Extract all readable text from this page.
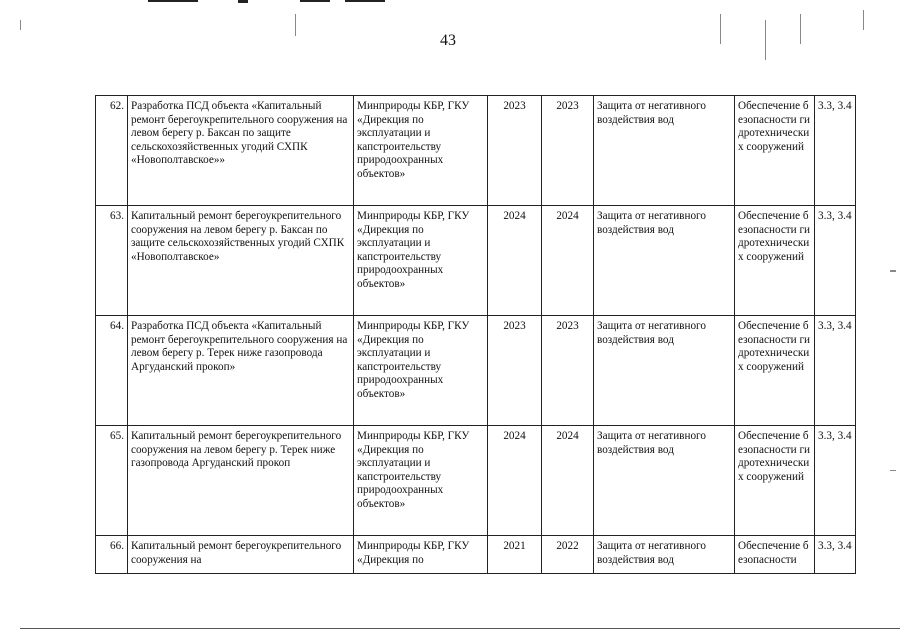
43
62.	Разработка ПСД объекта «Капитальный ремонт берегоукрепительного сооружения на левом берегу р. Баксан по защите сельскохозяйственных угодий СХПК «Новополтавское»»	Минприроды КБР, ГКУ «Дирекция по эксплуатации и капстроительству природоохранных объектов»	2023	2023	Защита от негативного воздействия вод	Обеспечение безопасности гидротехнических сооружений	3.3, 3.4
63.	Капитальный ремонт берегоукрепительного сооружения на левом берегу р. Баксан по защите сельскохозяйственных угодий СХПК «Новополтавское»	Минприроды КБР, ГКУ «Дирекция по эксплуатации и капстроительству природоохранных объектов»	2024	2024	Защита от негативного воздействия вод	Обеспечение безопасности гидротехнических сооружений	3.3, 3.4
64.	Разработка ПСД объекта «Капитальный ремонт берегоукрепительного сооружения на левом берегу р. Терек ниже газопровода Аргуданский прокоп»	Минприроды КБР, ГКУ «Дирекция по эксплуатации и капстроительству природоохранных объектов»	2023	2023	Защита от негативного воздействия вод	Обеспечение безопасности гидротехнических сооружений	3.3, 3.4
65.	Капитальный ремонт берегоукрепительного сооружения на левом берегу р. Терек ниже газопровода Аргуданский прокоп	Минприроды КБР, ГКУ «Дирекция по эксплуатации и капстроительству природоохранных объектов»	2024	2024	Защита от негативного воздействия вод	Обеспечение безопасности гидротехнических сооружений	3.3, 3.4
66.	Капитальный ремонт берегоукрепительного сооружения на	Минприроды КБР, ГКУ «Дирекция по	2021	2022	Защита от негативного воздействия вод	Обеспечение безопасности	3.3, 3.4
